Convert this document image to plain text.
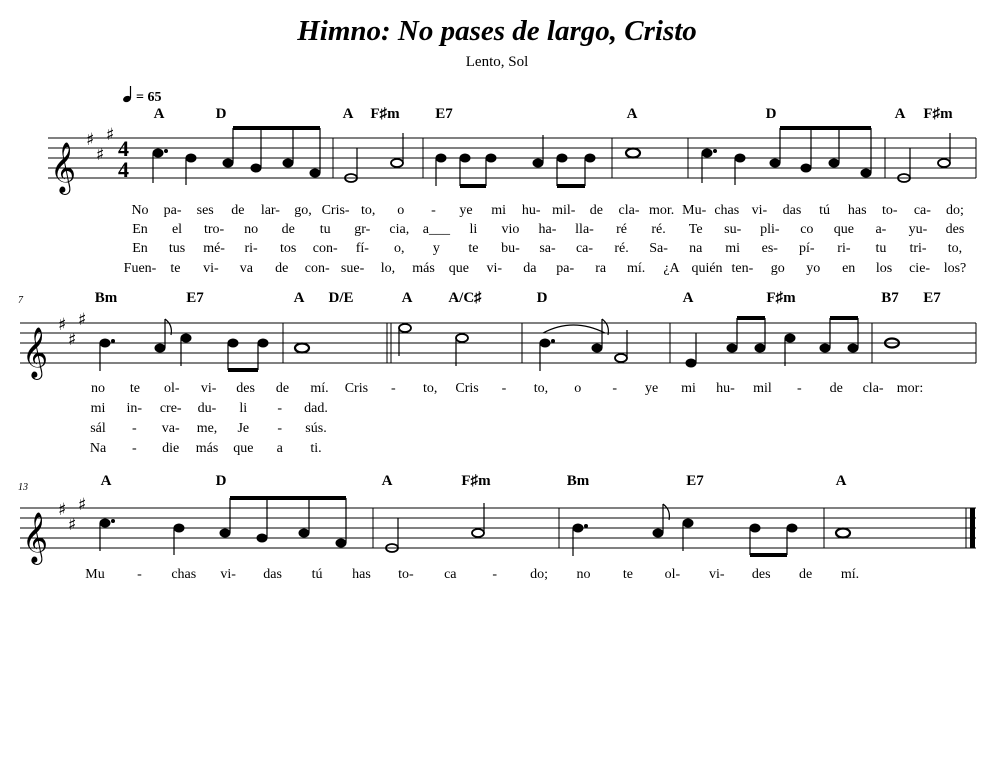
Himno: No pases de largo, Cristo
Lento, Sol
= 65
𝄞
♯
♯
♯
4
4
7
𝄞
♯
♯
♯
13
𝄞
♯
♯
♯
A	D	A F♯m E7	A	D	A F♯m
Bm	E7	A D/E	A A/C♯	D	A	F♯m	B7 E7
A	D	A	F♯m	Bm	E7	A
No pa- ses de lar- go, Cris- to, o - ye mi hu- mil- de cla- mor. Mu- chas vi- das tú has to- ca- do;
En el tro- no de tu gr- cia, a___ li vio ha- lla- ré ré. Te su- pli- co que a- yu- des
En tus mé- ri- tos con- fí- o, y te bu- sa- ca- ré. Sa- na mi es- pí- ri- tu tri- to,
Fuen- te vi- va de con- sue- lo, más que vi- da pa- ra mí. ¿A quién ten- go yo en los cie- los?
no te ol- vi- des de mí. Cris - to, Cris - to, o - ye mi hu- mil - de cla- mor:
mi in- cre- du- li - dad.
sál - va- me, Je - sús.
Na - die más que a ti.
Mu - chas vi- das tú has to- ca	- do; no te ol- vi- des de mí.
